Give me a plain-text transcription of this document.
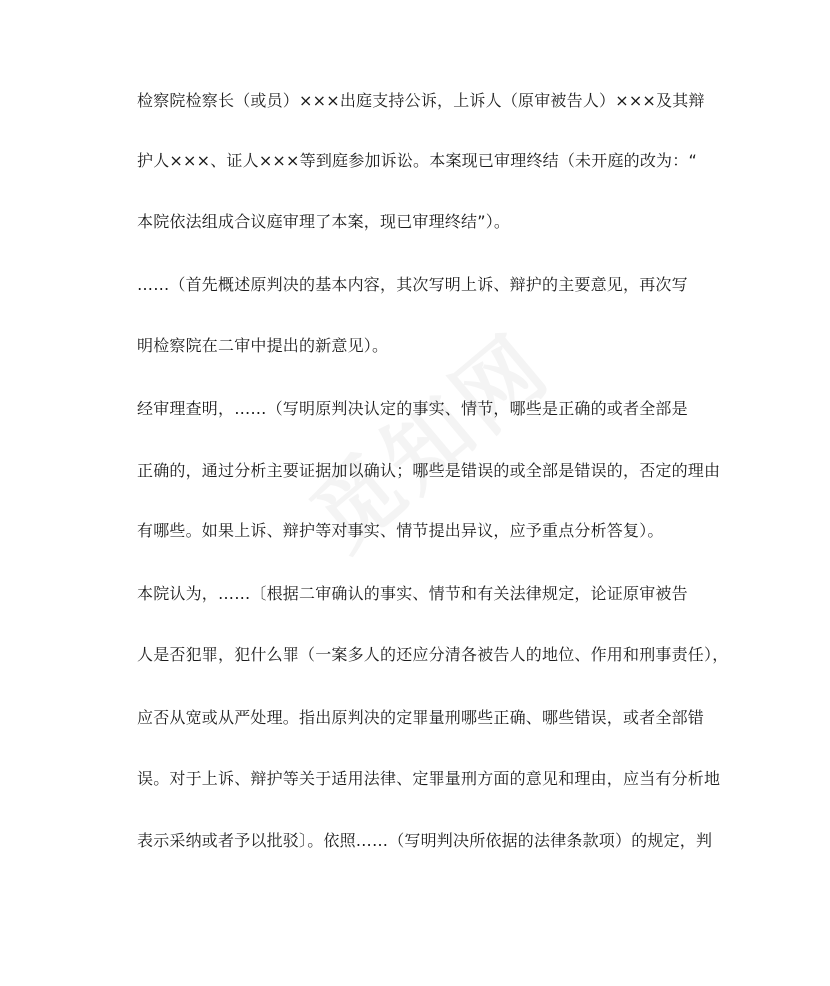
检察院检察长（或员）×××出庭支持公诉，上诉人（原审被告人）×××及其辩
护人×××、证人×××等到庭参加诉讼。本案现已审理终结（未开庭的改为：“
本院依法组成合议庭审理了本案，现已审理终结”）。
……（首先概述原判决的基本内容，其次写明上诉、辩护的主要意见，再次写
明检察院在二审中提出的新意见）。
经审理查明，……（写明原判决认定的事实、情节，哪些是正确的或者全部是
正确的，通过分析主要证据加以确认；哪些是错误的或全部是错误的，否定的理由
有哪些。如果上诉、辩护等对事实、情节提出异议，应予重点分析答复）。
本院认为，……〔根据二审确认的事实、情节和有关法律规定，论证原审被告
人是否犯罪，犯什么罪（一案多人的还应分清各被告人的地位、作用和刑事责任），
应否从宽或从严处理。指出原判决的定罪量刑哪些正确、哪些错误，或者全部错
误。对于上诉、辩护等关于适用法律、定罪量刑方面的意见和理由，应当有分析地
表示采纳或者予以批驳〕。依照……（写明判决所依据的法律条款项）的规定，判
